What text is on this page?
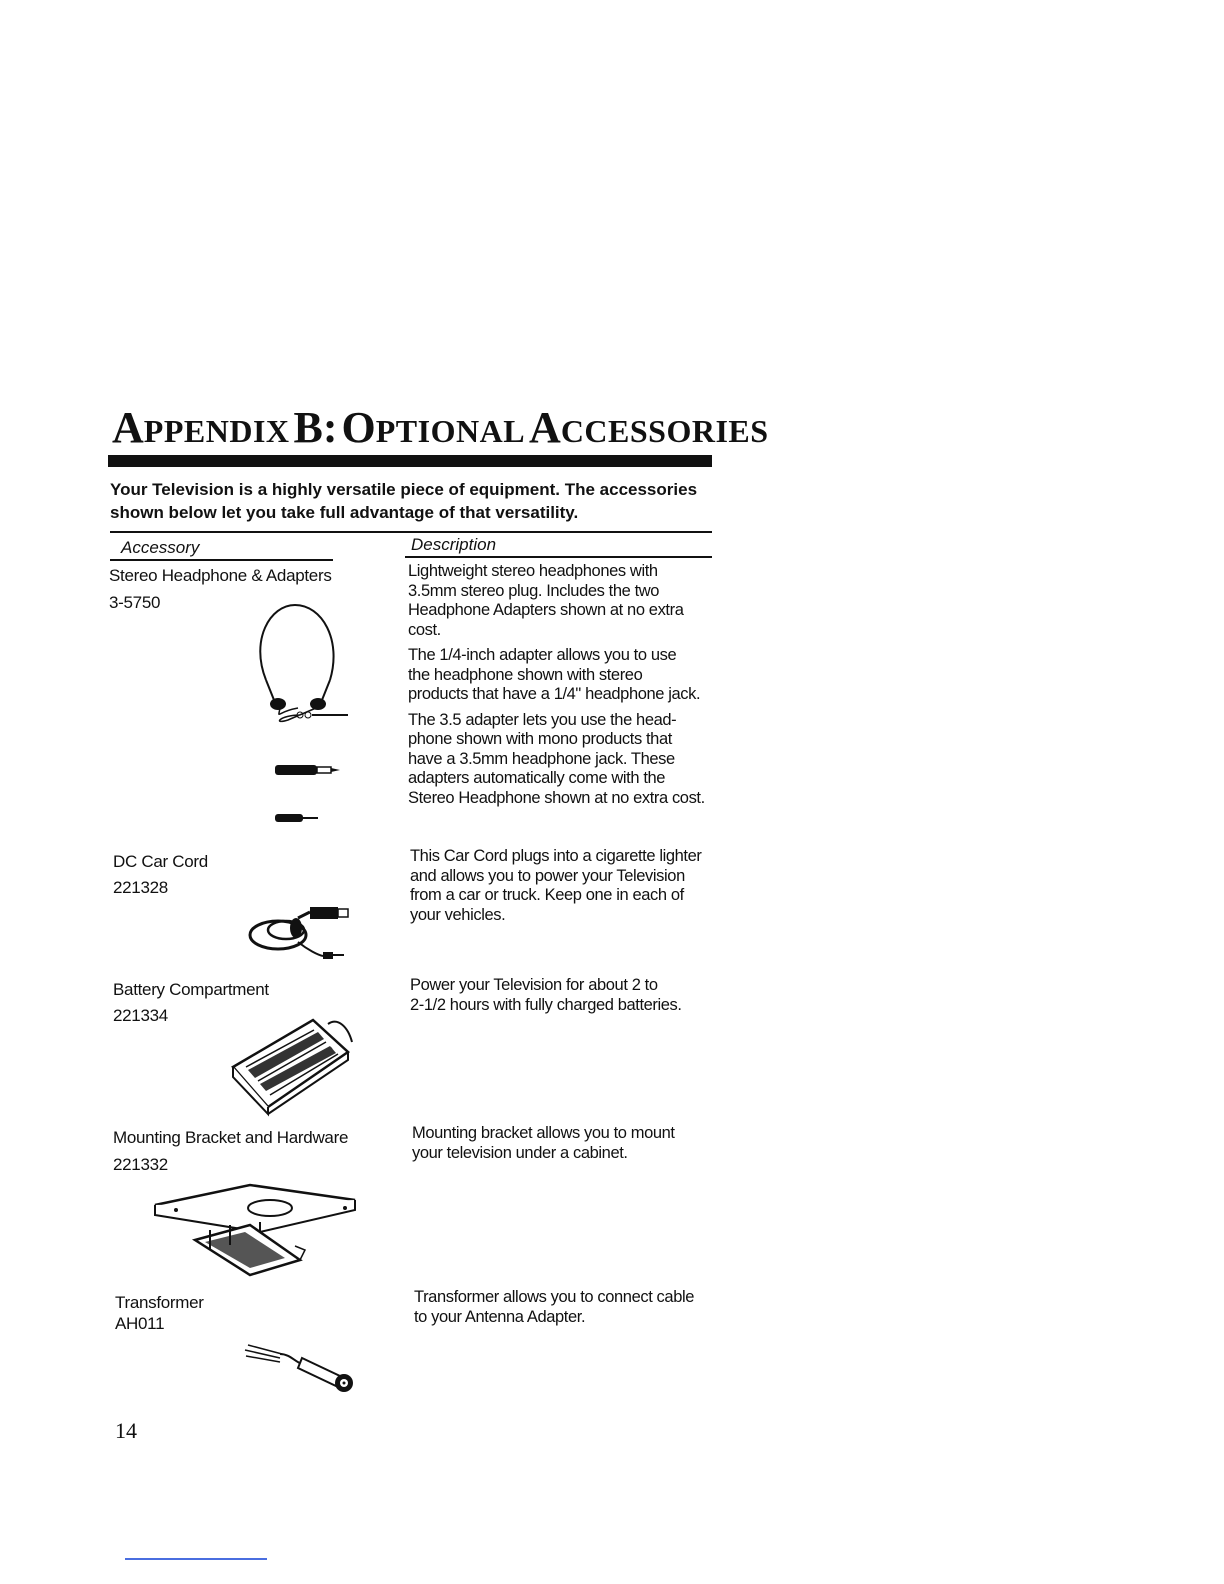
APPENDIX B: OPTIONAL ACCESSORIES
Your Television is a highly versatile piece of equipment. The accessories
shown below let you take full advantage of that versatility.
Accessory	Description
Stereo Headphone & Adapters
3-5750

Lightweight stereo headphones with
3.5mm stereo plug. Includes the two
Headphone Adapters shown at no extra
cost.

The 1/4-inch adapter allows you to use
the headphone shown with stereo
products that have a 1/4" headphone jack.

The 3.5 adapter lets you use the head-
phone shown with mono products that
have a 3.5mm headphone jack. These
adapters automatically come with the
Stereo Headphone shown at no extra cost.

DC Car Cord
221328

This Car Cord plugs into a cigarette lighter
and allows you to power your Television
from a car or truck. Keep one in each of
your vehicles.

Battery Compartment
221334

Power your Television for about 2 to
2-1/2 hours with fully charged batteries.

Mounting Bracket and Hardware
221332

Mounting bracket allows you to mount
your television under a cabinet.

Transformer
AH011

Transformer allows you to connect cable
to your Antenna Adapter.

14
